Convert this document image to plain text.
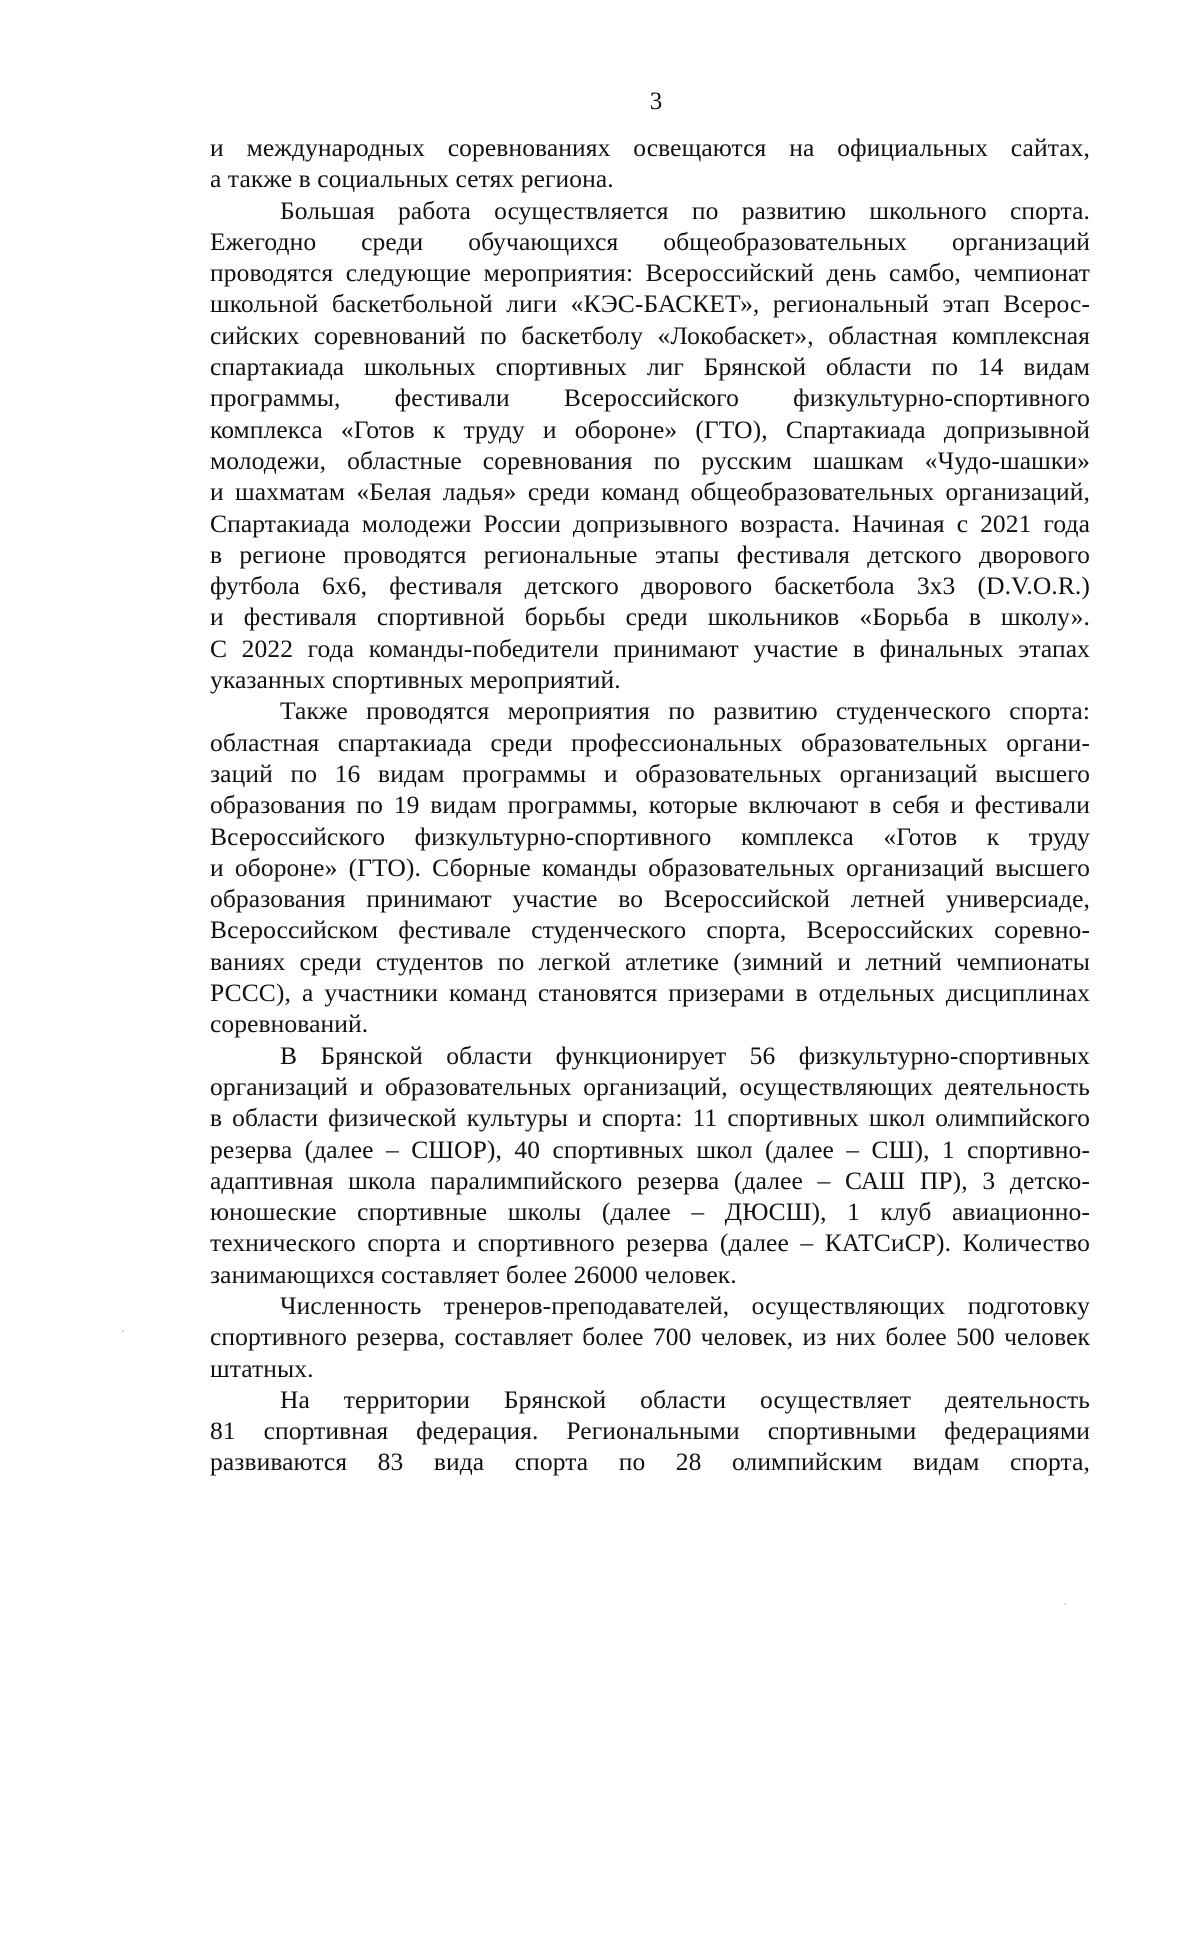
3
и международных соревнованиях освещаются на официальных сайтах,
а также в социальных сетях региона.
Большая работа осуществляется по развитию школьного спорта.
Ежегодно среди обучающихся общеобразовательных организаций
проводятся следующие мероприятия: Всероссийский день самбо, чемпионат
школьной баскетбольной лиги «КЭС-БАСКЕТ», региональный этап Всерос-
сийских соревнований по баскетболу «Локобаскет», областная комплексная
спартакиада школьных спортивных лиг Брянской области по 14 видам
программы, фестивали Всероссийского физкультурно-спортивного
комплекса «Готов к труду и обороне» (ГТО), Спартакиада допризывной
молодежи, областные соревнования по русским шашкам «Чудо-шашки»
и шахматам «Белая ладья» среди команд общеобразовательных организаций,
Спартакиада молодежи России допризывного возраста. Начиная с 2021 года
в регионе проводятся региональные этапы фестиваля детского дворового
футбола 6х6, фестиваля детского дворового баскетбола 3х3 (D.V.O.R.)
и фестиваля спортивной борьбы среди школьников «Борьба в школу».
С 2022 года команды-победители принимают участие в финальных этапах
указанных спортивных мероприятий.
Также проводятся мероприятия по развитию студенческого спорта:
областная спартакиада среди профессиональных образовательных органи-
заций по 16 видам программы и образовательных организаций высшего
образования по 19 видам программы, которые включают в себя и фестивали
Всероссийского физкультурно-спортивного комплекса «Готов к труду
и обороне» (ГТО). Сборные команды образовательных организаций высшего
образования принимают участие во Всероссийской летней универсиаде,
Всероссийском фестивале студенческого спорта, Всероссийских соревно-
ваниях среди студентов по легкой атлетике (зимний и летний чемпионаты
РССС), а участники команд становятся призерами в отдельных дисциплинах
соревнований.
В Брянской области функционирует 56 физкультурно-спортивных
организаций и образовательных организаций, осуществляющих деятельность
в области физической культуры и спорта: 11 спортивных школ олимпийского
резерва (далее – СШОР), 40 спортивных школ (далее – СШ), 1 спортивно-
адаптивная школа паралимпийского резерва (далее – САШ ПР), 3 детско-
юношеские спортивные школы (далее – ДЮСШ), 1 клуб авиационно-
технического спорта и спортивного резерва (далее – КАТСиСР). Количество
занимающихся составляет более 26000 человек.
Численность тренеров-преподавателей, осуществляющих подготовку
спортивного резерва, составляет более 700 человек, из них более 500 человек
штатных.
На территории Брянской области осуществляет деятельность
81 спортивная федерация. Региональными спортивными федерациями
развиваются 83 вида спорта по 28 олимпийским видам спорта,
